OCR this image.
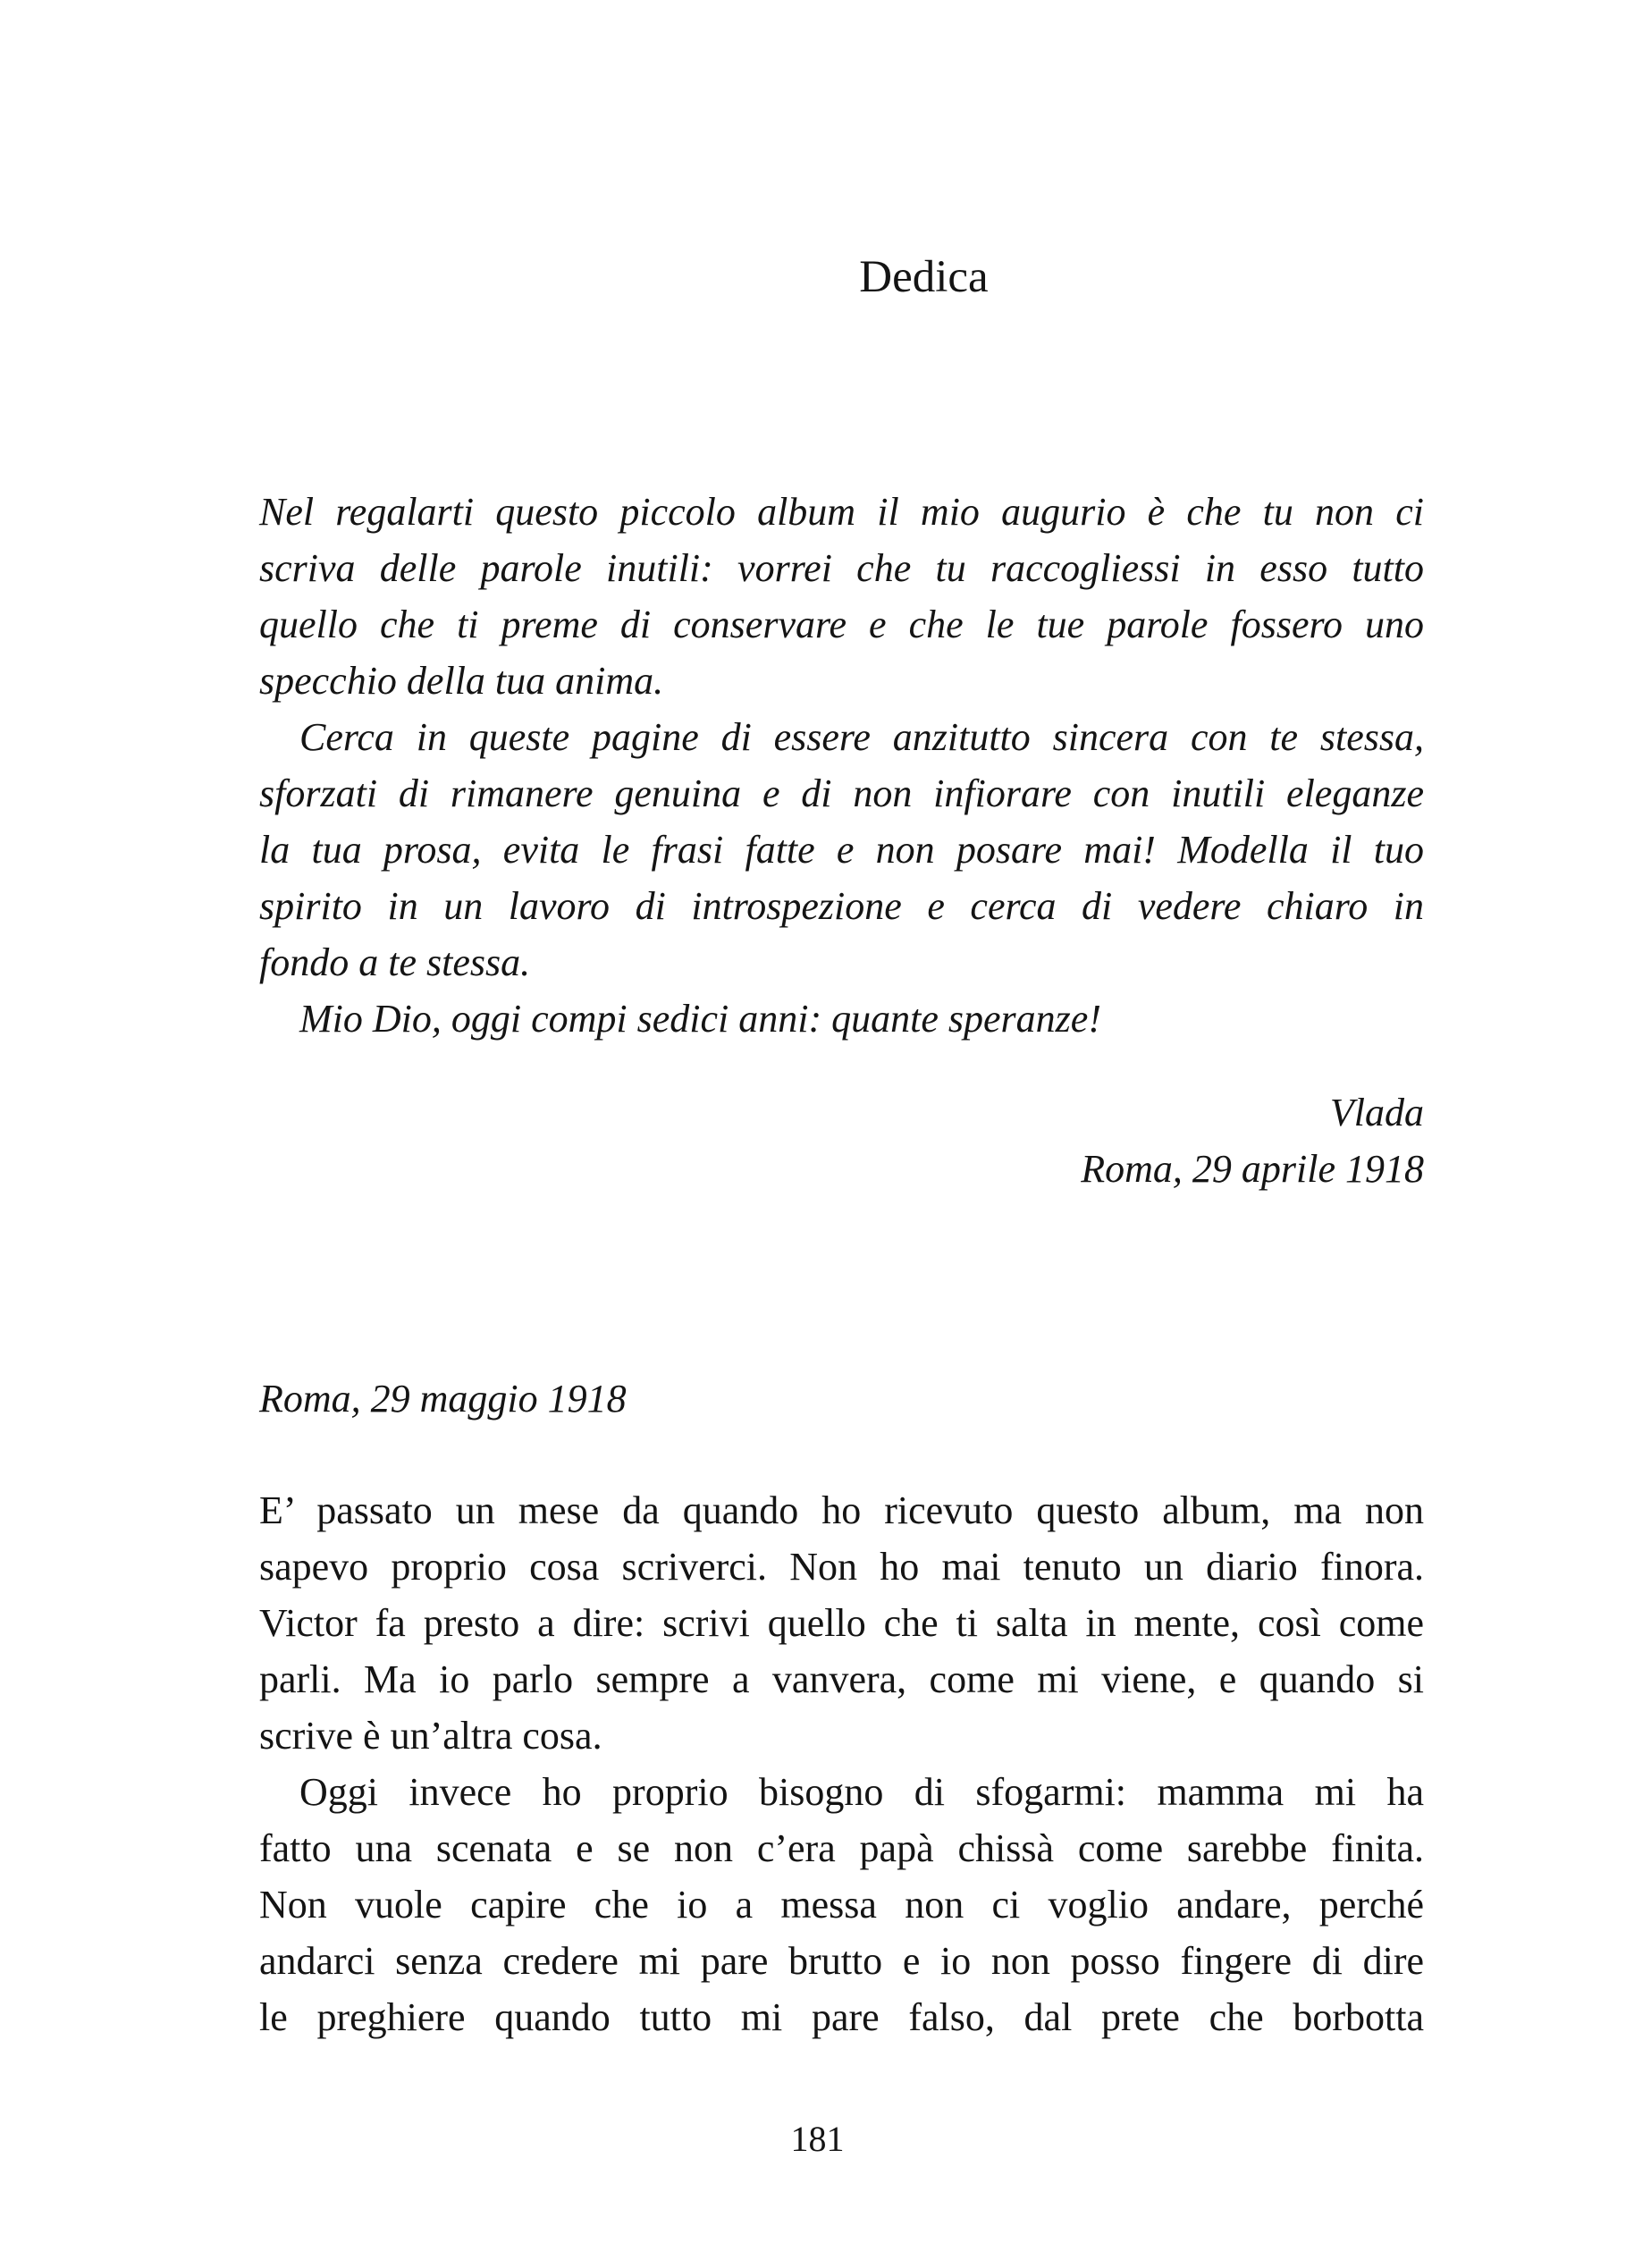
Dedica

Nel regalarti questo piccolo album il mio augurio è che tu non ci
scriva delle parole inutili: vorrei che tu raccogliessi in esso tutto
quello che ti preme di conservare e che le tue parole fossero uno
specchio della tua anima.

Cerca in queste pagine di essere anzitutto sincera con te stessa,
sforzati di rimanere genuina e di non infiorare con inutili eleganze
la tua prosa, evita le frasi fatte e non posare mai! Modella il tuo
spirito in un lavoro di introspezione e cerca di vedere chiaro in
fondo a te stessa.

Mio Dio, oggi compi sedici anni: quante speranze!

Vlada
Roma, 29 aprile 1918

Roma, 29 maggio 1918

E’ passato un mese da quando ho ricevuto questo album, ma non
sapevo proprio cosa scriverci. Non ho mai tenuto un diario finora.
Victor fa presto a dire: scrivi quello che ti salta in mente, così come
parli. Ma io parlo sempre a vanvera, come mi viene, e quando si
scrive è un’altra cosa.

Oggi invece ho proprio bisogno di sfogarmi: mamma mi ha
fatto una scenata e se non c’era papà chissà come sarebbe finita.
Non vuole capire che io a messa non ci voglio andare, perché
andarci senza credere mi pare brutto e io non posso fingere di dire
le preghiere quando tutto mi pare falso, dal prete che borbotta

181
